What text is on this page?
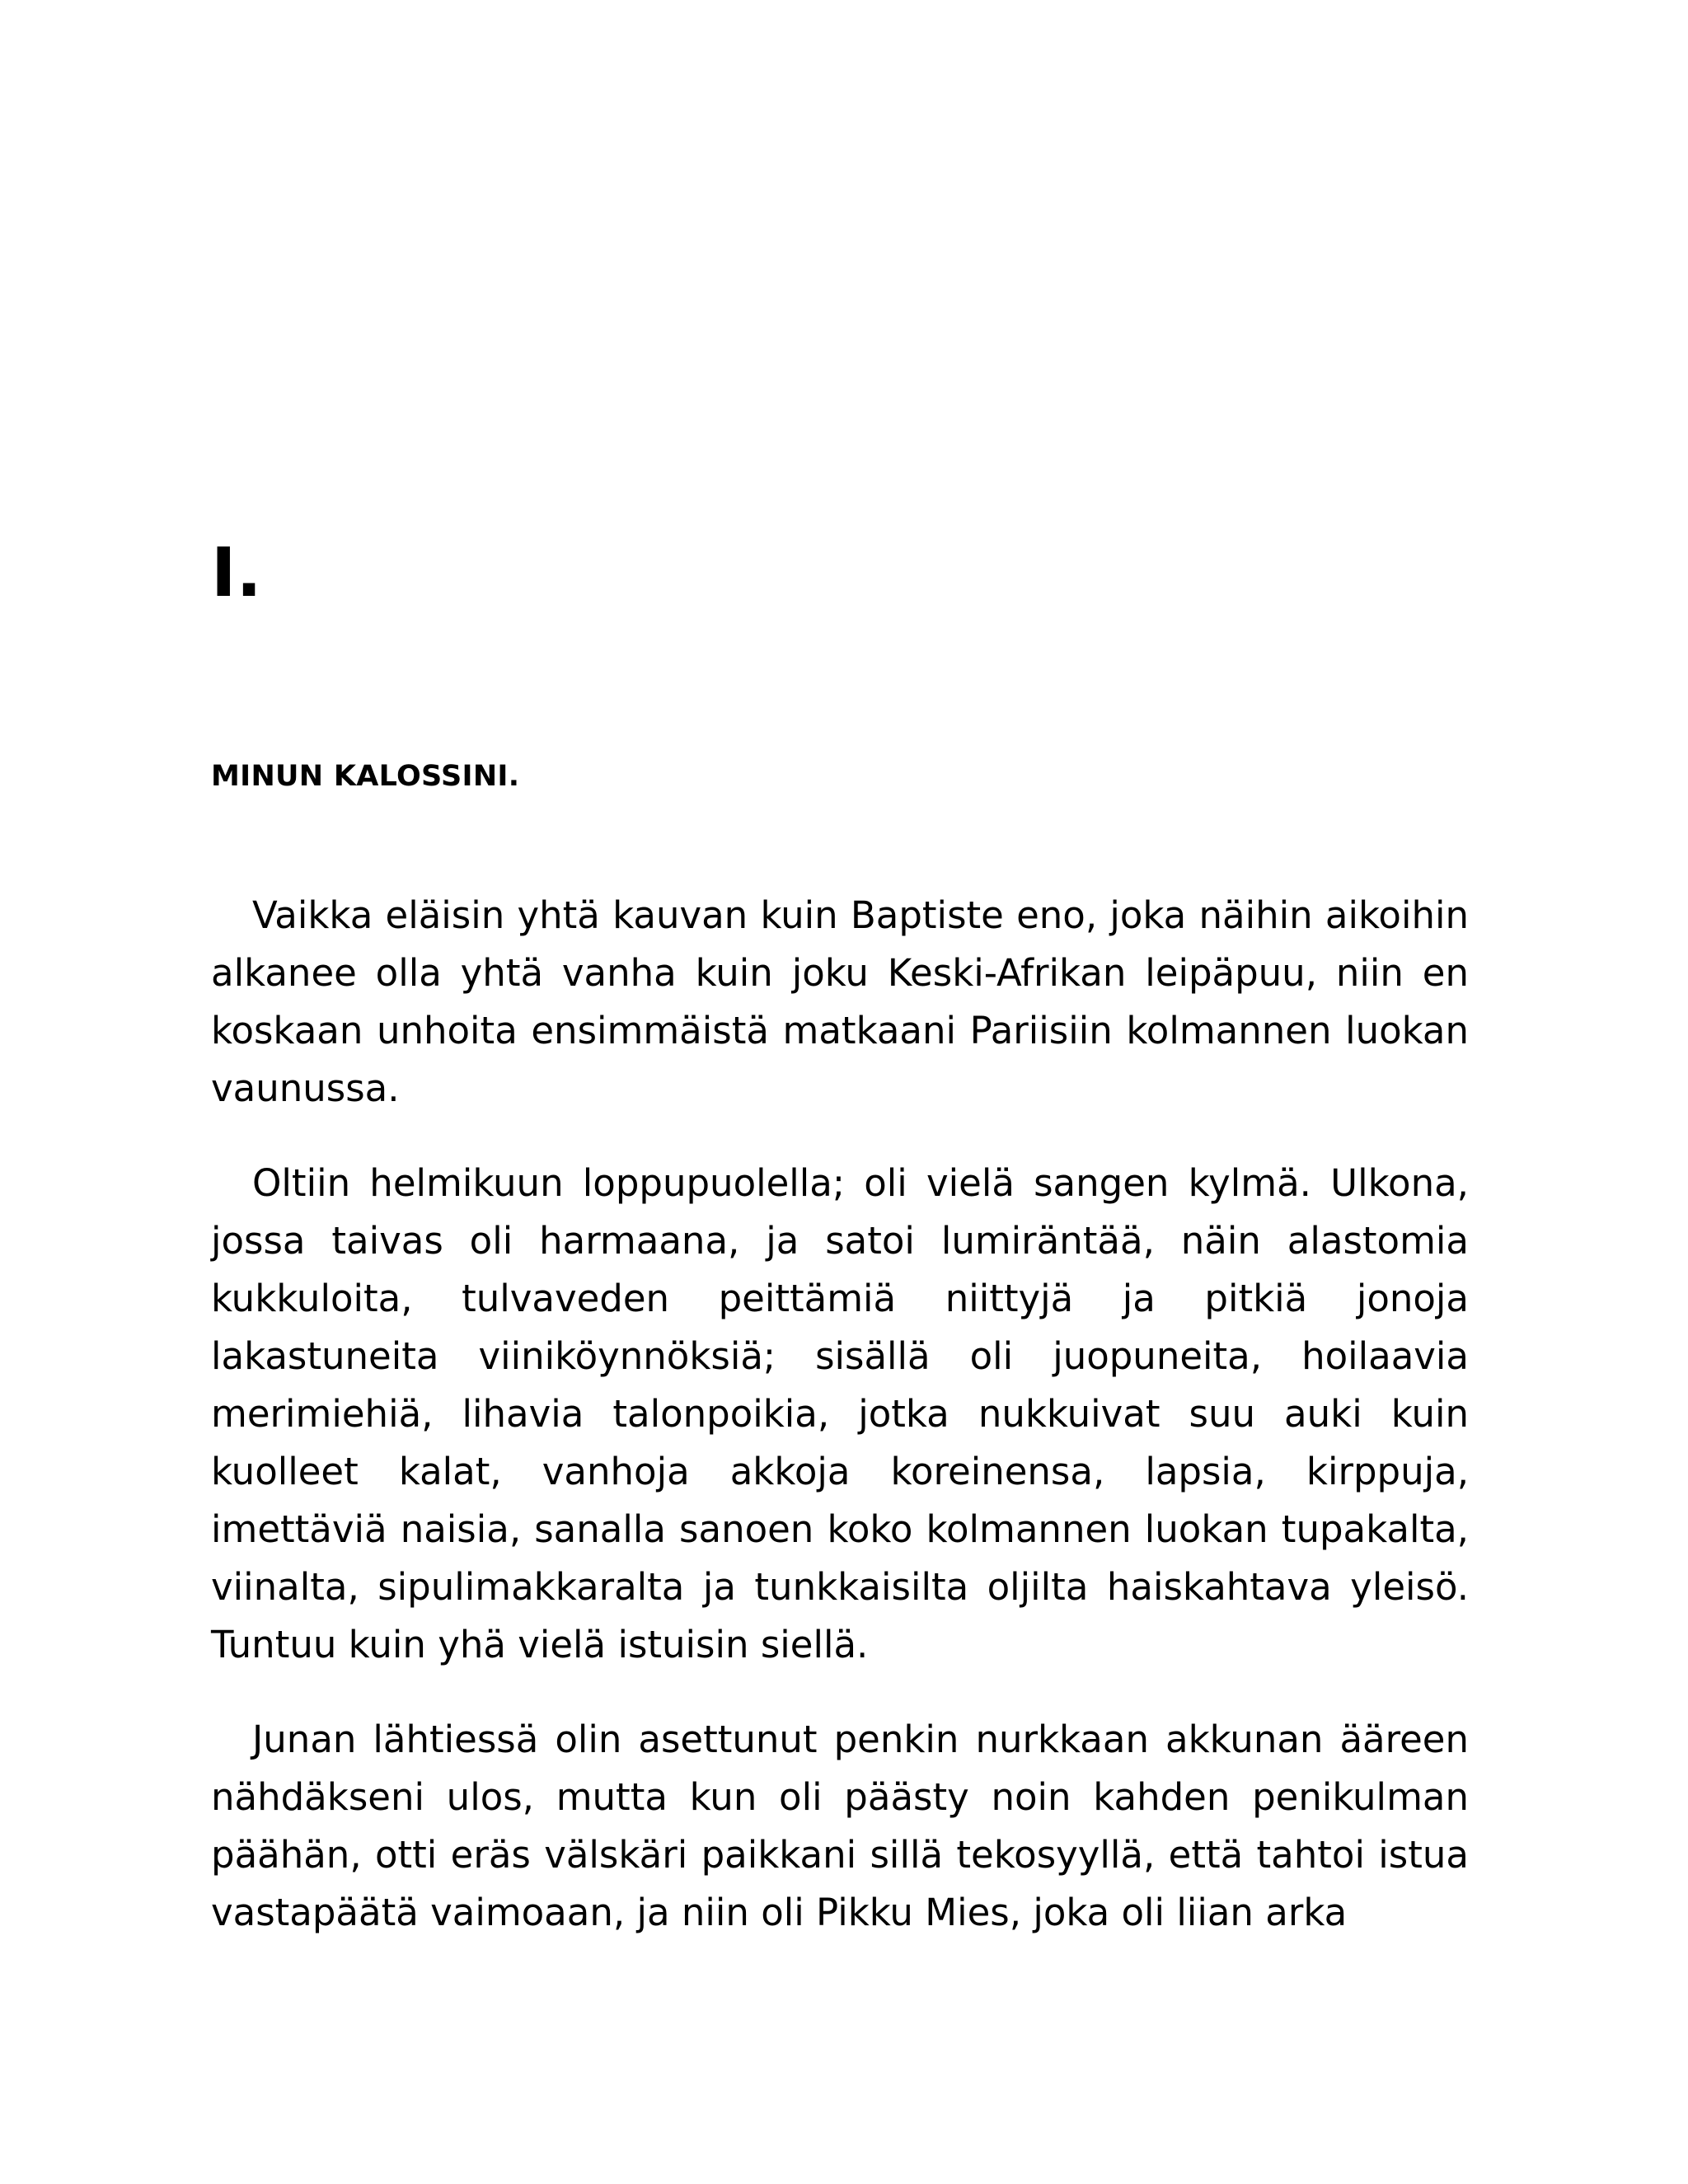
I.
MINUN KALOSSINI.

Vaikka eläisin yhtä kauvan kuin Baptiste eno, joka näihin aikoihin alkanee olla yhtä vanha kuin joku Keski-Afrikan leipäpuu, niin en koskaan unhoita ensimmäistä matkaani Pariisiin kolmannen luokan vaunussa.

Oltiin helmikuun loppupuolella; oli vielä sangen kylmä. Ulkona, jossa taivas oli harmaana, ja satoi lumiräntää, näin alastomia kukkuloita, tulvaveden peittämiä niittyjä ja pitkiä jonoja lakastuneita viiniköynnöksiä; sisällä oli juopuneita, hoilaavia merimiehiä, lihavia talonpoikia, jotka nukkuivat suu auki kuin kuolleet kalat, vanhoja akkoja koreinensa, lapsia, kirppuja, imettäviä naisia, sanalla sanoen koko kolmannen luokan tupakalta, viinalta, sipulimakkaralta ja tunkkaisilta oljilta haiskahtava yleisö. Tuntuu kuin yhä vielä istuisin siellä.

Junan lähtiessä olin asettunut penkin nurkkaan akkunan ääreen nähdäkseni ulos, mutta kun oli päästy noin kahden penikulman päähän, otti eräs välskäri paikkani sillä tekosyyllä, että tahtoi istua vastapäätä vaimoaan, ja niin oli Pikku Mies, joka oli liian arka
